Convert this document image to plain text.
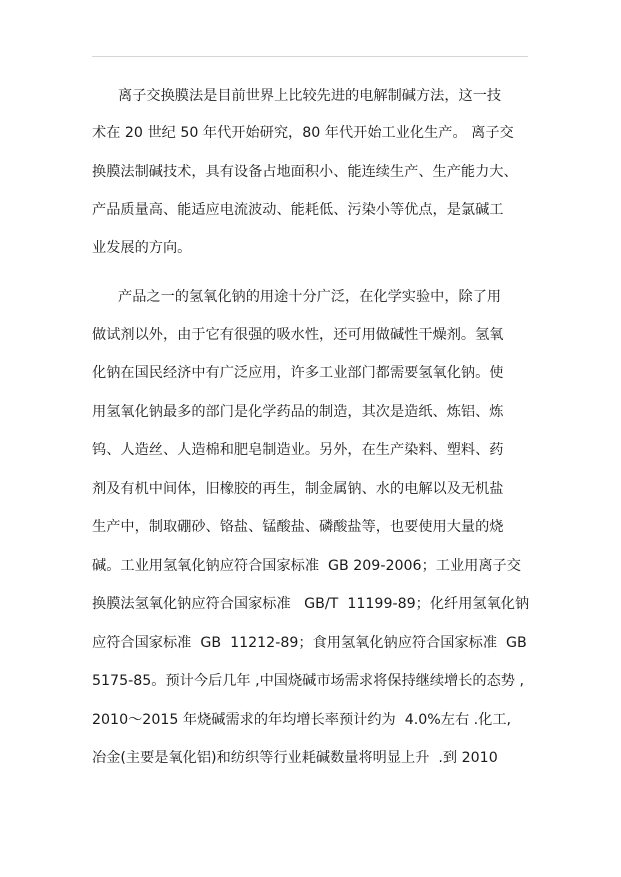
离子交换膜法是目前世界上比较先进的电解制碱方法，这一技
术在 20 世纪 50 年代开始研究，80 年代开始工业化生产。 离子交
换膜法制碱技术，具有设备占地面积小、能连续生产、生产能力大、
产品质量高、能适应电流波动、能耗低、污染小等优点，是氯碱工
业发展的方向。
产品之一的氢氧化钠的用途十分广泛，在化学实验中，除了用
做试剂以外，由于它有很强的吸水性，还可用做碱性干燥剂。氢氧
化钠在国民经济中有广泛应用，许多工业部门都需要氢氧化钠。使
用氢氧化钠最多的部门是化学药品的制造，其次是造纸、炼铝、炼
钨、人造丝、人造棉和肥皂制造业。另外，在生产染料、塑料、药
剂及有机中间体，旧橡胶的再生，制金属钠、水的电解以及无机盐
生产中，制取硼砂、铬盐、锰酸盐、磷酸盐等，也要使用大量的烧
碱。工业用氢氧化钠应符合国家标准  GB 209-2006；工业用离子交
换膜法氢氧化钠应符合国家标准   GB/T  11199-89；化纤用氢氧化钠
应符合国家标准  GB  11212-89；食用氢氧化钠应符合国家标准  GB
5175-85。预计今后几年 ,中国烧碱市场需求将保持继续增长的态势 ,
2010～2015 年烧碱需求的年均增长率预计约为  4.0%左右 .化工,
冶金(主要是氧化铝)和纺织等行业耗碱数量将明显上升  .到 2010
